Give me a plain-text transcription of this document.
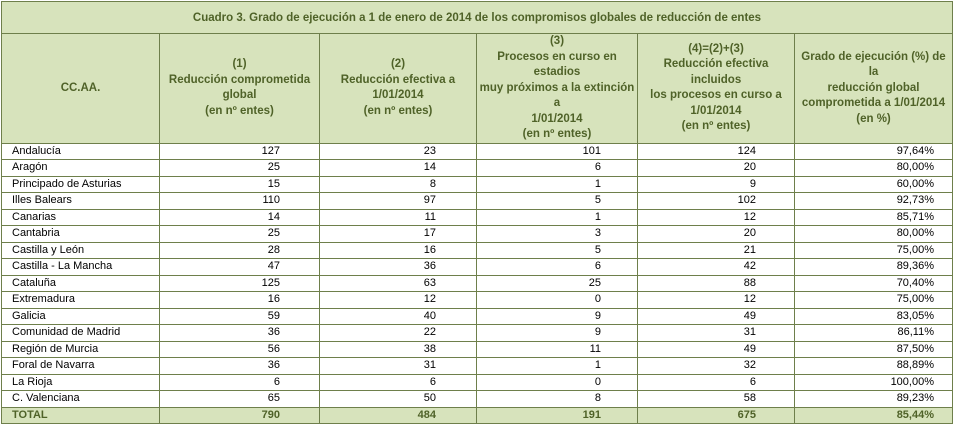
Cuadro 3. Grado de ejecución a 1 de enero de 2014 de los compromisos globales de reducción de entes					
CC.AA.	(1)
Reducción comprometida
global
(en nº entes)	(2)
Reducción efectiva a
1/01/2014
(en nº entes)	(3)
Procesos en curso en estadios
muy próximos a la extinción a
1/01/2014
(en nº entes)	(4)=(2)+(3)
Reducción efectiva incluidos
los procesos en curso a
1/01/2014
(en nº entes)	Grado de ejecución (%) de la
reducción global
comprometida a 1/01/2014
(en %)

Andalucía	127	23	101	124	97,64%
Aragón	25	14	6	20	80,00%
Principado de Asturias	15	8	1	9	60,00%
Illes Balears	110	97	5	102	92,73%
Canarias	14	11	1	12	85,71%
Cantabria	25	17	3	20	80,00%
Castilla y León	28	16	5	21	75,00%
Castilla - La Mancha	47	36	6	42	89,36%
Cataluña	125	63	25	88	70,40%
Extremadura	16	12	0	12	75,00%
Galicia	59	40	9	49	83,05%
Comunidad de Madrid	36	22	9	31	86,11%
Región de Murcia	56	38	11	49	87,50%
Foral de Navarra	36	31	1	32	88,89%
La Rioja	6	6	0	6	100,00%
C. Valenciana	65	50	8	58	89,23%
TOTAL	790	484	191	675	85,44%
